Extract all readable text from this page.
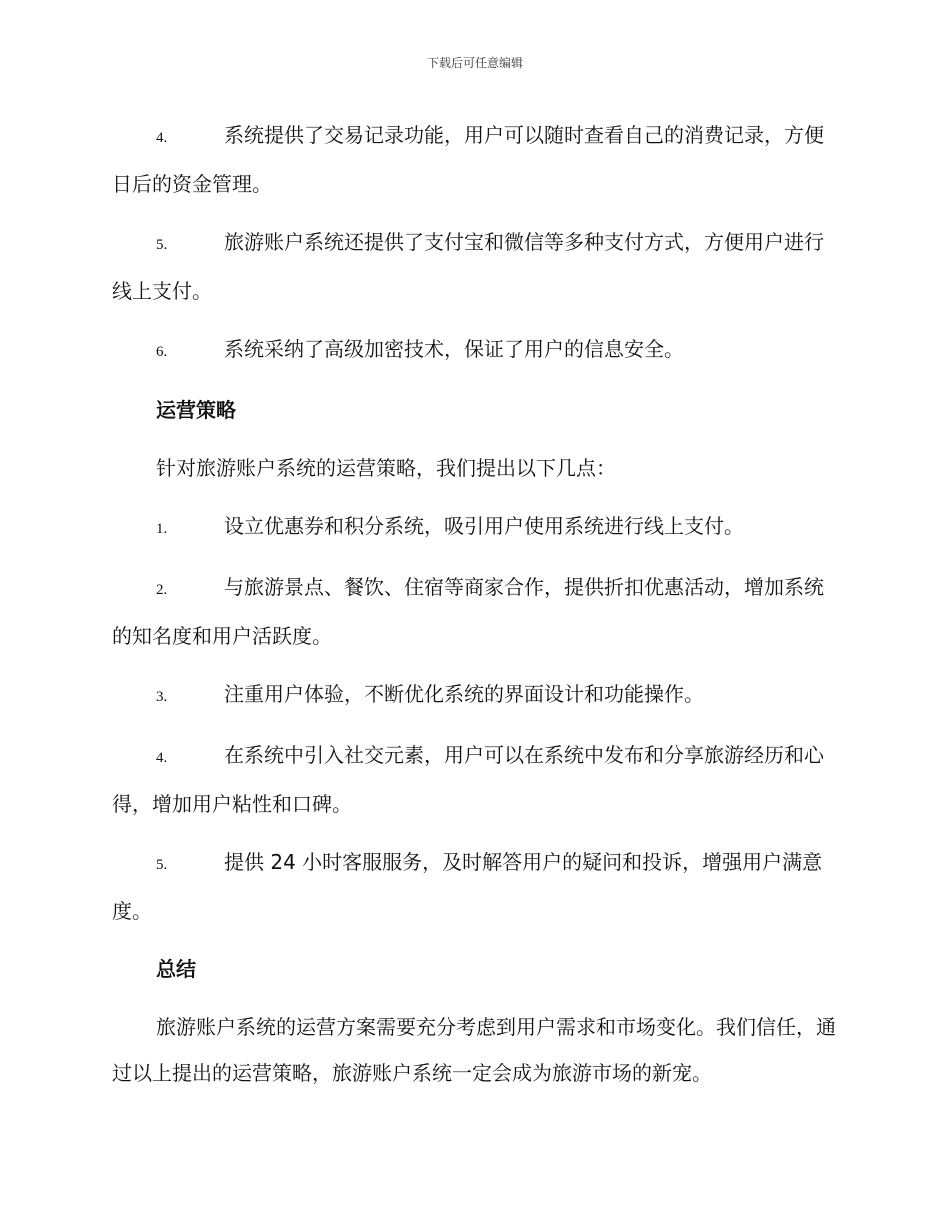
下载后可任意编辑

4.	系统提供了交易记录功能，用户可以随时查看自己的消费记录，方便日后的资金管理。

5.	旅游账户系统还提供了支付宝和微信等多种支付方式，方便用户进行线上支付。

6.	系统采纳了高级加密技术，保证了用户的信息安全。

运营策略

针对旅游账户系统的运营策略，我们提出以下几点：

1.	设立优惠券和积分系统，吸引用户使用系统进行线上支付。

2.	与旅游景点、餐饮、住宿等商家合作，提供折扣优惠活动，增加系统的知名度和用户活跃度。

3.	注重用户体验，不断优化系统的界面设计和功能操作。

4.	在系统中引入社交元素，用户可以在系统中发布和分享旅游经历和心得，增加用户粘性和口碑。

5.	提供 24 小时客服服务，及时解答用户的疑问和投诉，增强用户满意度。

总结

旅游账户系统的运营方案需要充分考虑到用户需求和市场变化。我们信任，通过以上提出的运营策略，旅游账户系统一定会成为旅游市场的新宠。
